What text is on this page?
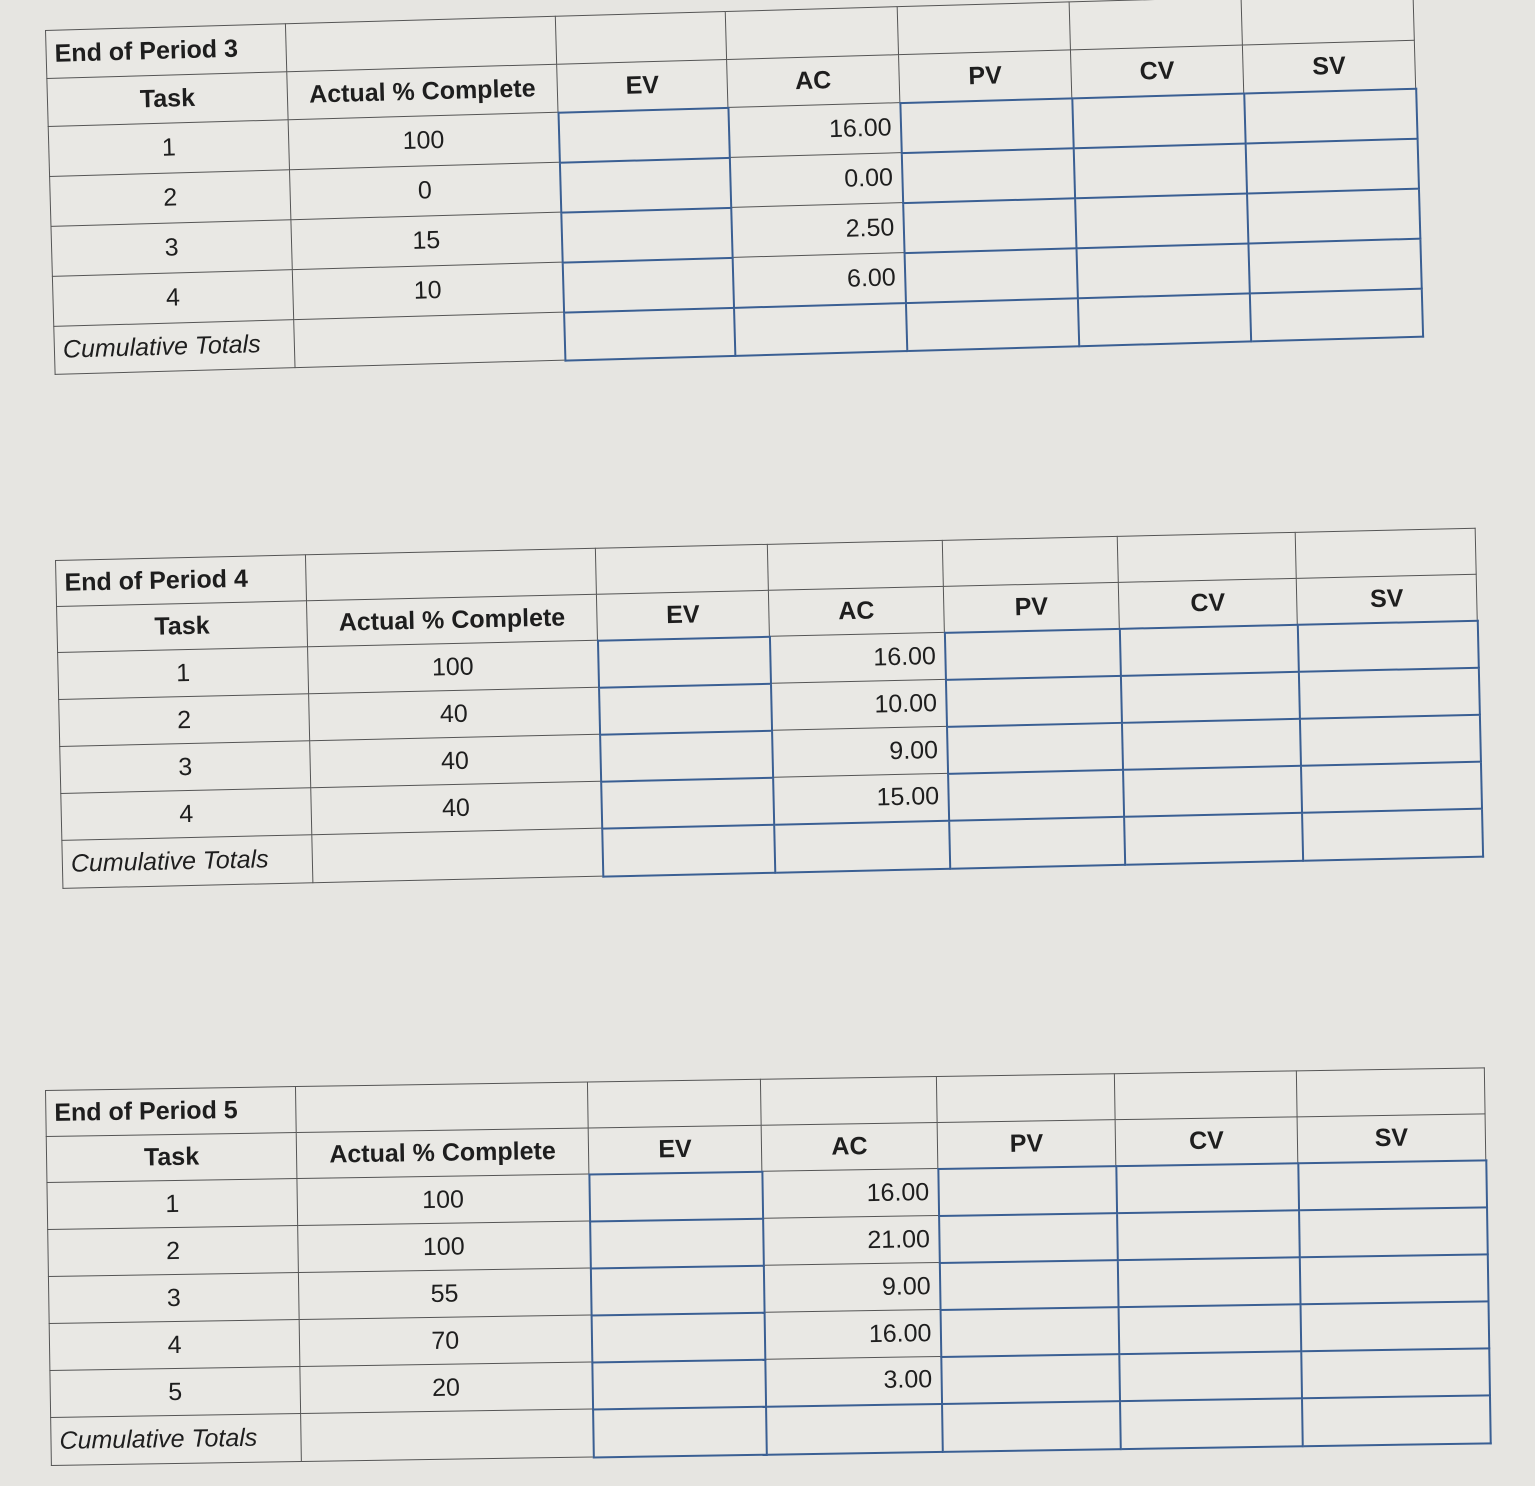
End of Period 3						
Task	Actual % Complete	EV	AC	PV	CV	SV
1	100		16.00			
2	0		0.00			
3	15		2.50			
4	10		6.00			
Cumulative Totals						
End of Period 4						
Task	Actual % Complete	EV	AC	PV	CV	SV
1	100		16.00			
2	40		10.00			
3	40		9.00			
4	40		15.00			
Cumulative Totals						
End of Period 5						
Task	Actual % Complete	EV	AC	PV	CV	SV
1	100		16.00			
2	100		21.00			
3	55		9.00			
4	70		16.00			
5	20		3.00			
Cumulative Totals						
